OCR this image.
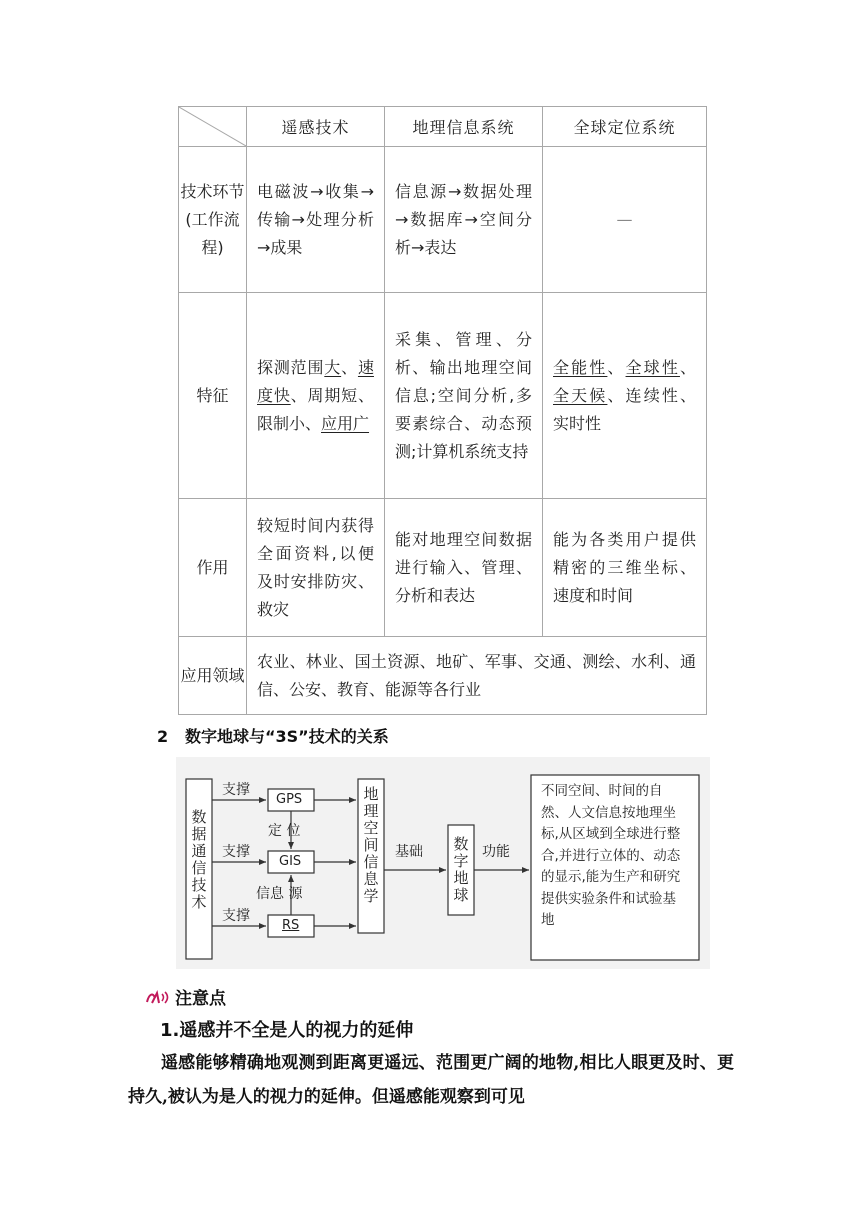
	遥感技术	地理信息系统	全球定位系统
技术环节(工作流程)	电磁波→收集→传输→处理分析→成果	信息源→数据处理→数据库→空间分析→表达	—
特征	探测范围大、速度快、周期短、限制小、应用广	采集、管理、分析、输出地理空间信息;空间分析,多要素综合、动态预测;计算机系统支持	全能性、全球性、全天候、连续性、实时性
作用	较短时间内获得全面资料,以便及时安排防灾、救灾	能对地理空间数据进行输入、管理、分析和表达	能为各类用户提供精密的三维坐标、速度和时间
应用领域	农业、林业、国土资源、地矿、军事、交通、测绘、水利、通信、公安、教育、能源等各行业		
2 数字地球与“3S”技术的关系
数据通信技术
支撑
支撑
支撑
GPS
GIS
RS
定 位
信息 源
地理空间信息学
基础 数字地球
功能
不同空间、时间的自然、人文信息按地理坐标,从区域到全球进行整合,并进行立体的、动态的显示,能为生产和研究提供实验条件和试验基地
注意点
1.遥感并不全是人的视力的延伸
遥感能够精确地观测到距离更遥远、范围更广阔的地物,相比人眼更及时、更持久,被认为是人的视力的延伸。但遥感能观察到可见
